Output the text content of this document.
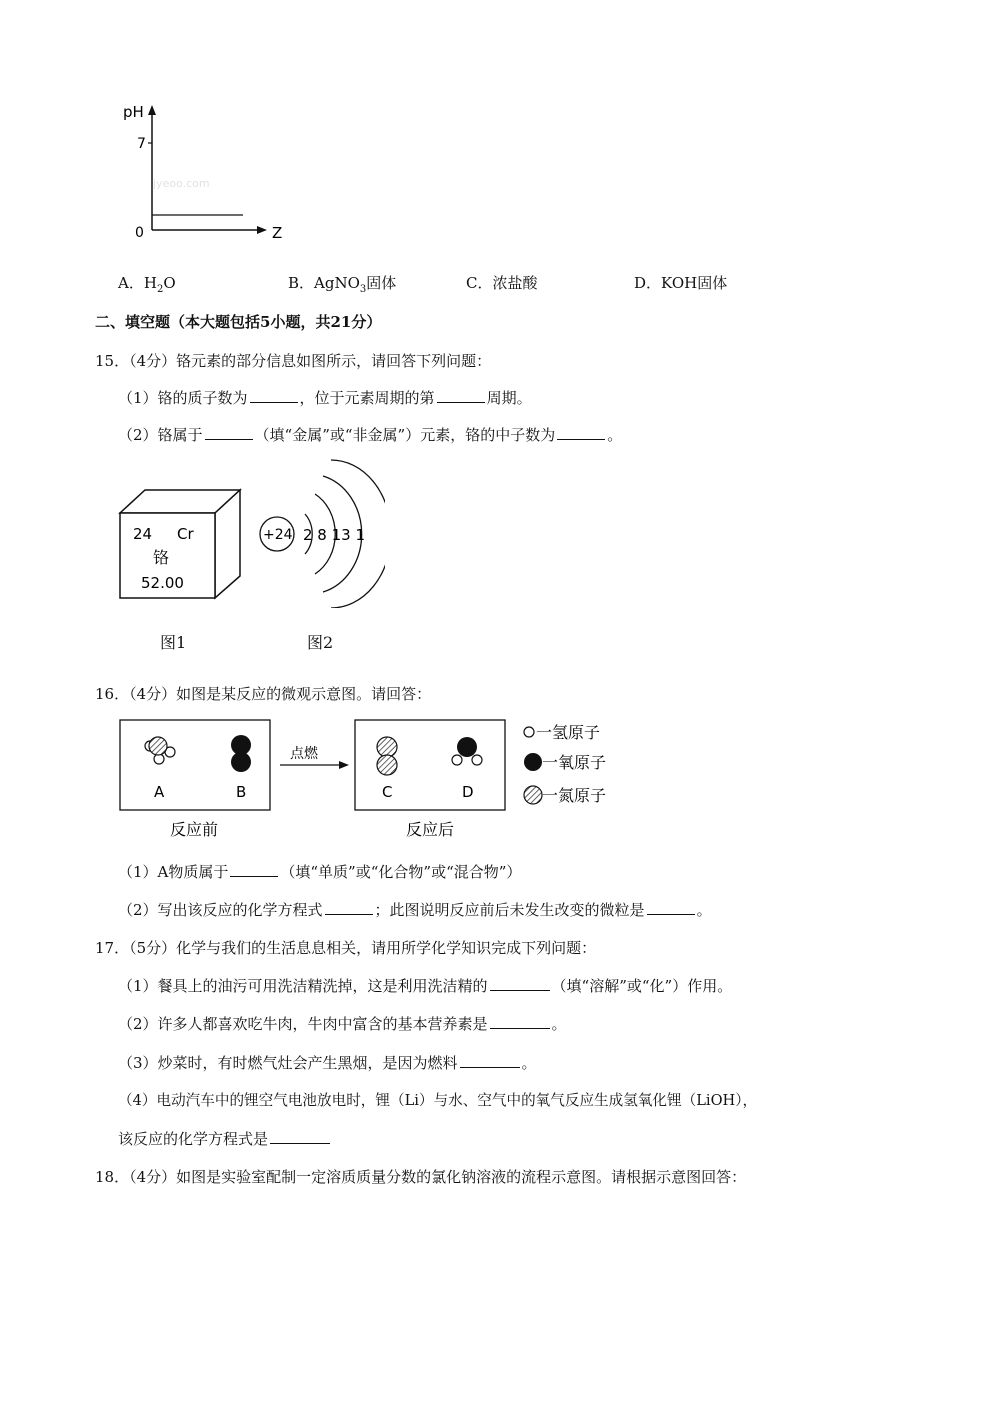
pH
7
0	Z
jyeoo.com
A．$H_2O$	B．AgNO$_3$固体	C．浓盐酸	D．KOH固体
二、填空题（本大题包括5小题，共21分）
15．（4分）铬元素的部分信息如图所示，请回答下列问题：
（1）铬的质子数为	，位于元素周期的第	周期。
（2）铬属于	（填“金属”或“非金属”）元素，铬的中子数为	。
24 Cr
铬
52.00
图1
+24 2 8 13 1
图2
16．（4分）如图是某反应的微观示意图。请回答：
A	B
点燃
C	D
一氢原子
一氧原子
一氮原子
反应前	反应后
（1）A物质属于	（填“单质”或“化合物”或“混合物”）
（2）写出该反应的化学方程式	；此图说明反应前后未发生改变的微粒是	。
17．（5分）化学与我们的生活息息相关，请用所学化学知识完成下列问题：
（1）餐具上的油污可用洗洁精洗掉，这是利用洗洁精的	（填“溶解”或“化”）作用。
（2）许多人都喜欢吃牛肉，牛肉中富含的基本营养素是	。
（3）炒菜时，有时燃气灶会产生黑烟，是因为燃料	。
（4）电动汽车中的锂空气电池放电时，锂（Li）与水、空气中的氧气反应生成氢氧化锂（LiOH），
该反应的化学方程式是
18．（4分）如图是实验室配制一定溶质质量分数的氯化钠溶液的流程示意图。请根据示意图回答：
